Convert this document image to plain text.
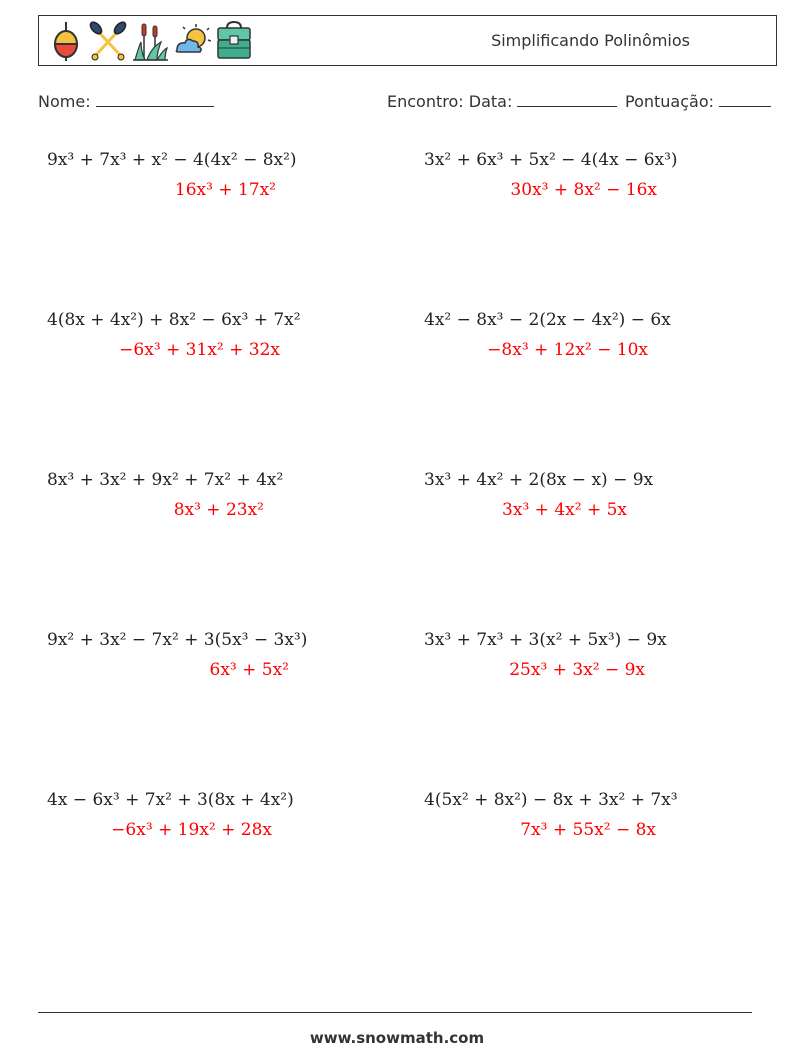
Simplificando Polinômios
Nome:	Encontro: Data:	Pontuação:
9x³ + 7x³ + x² − 4(4x² − 8x²)
16x³ + 17x²
3x² + 6x³ + 5x² − 4(4x − 6x³)
30x³ + 8x² − 16x
4(8x + 4x²) + 8x² − 6x³ + 7x²
−6x³ + 31x² + 32x
4x² − 8x³ − 2(2x − 4x²) − 6x
−8x³ + 12x² − 10x
8x³ + 3x² + 9x² + 7x² + 4x²
8x³ + 23x²
3x³ + 4x² + 2(8x − x) − 9x
3x³ + 4x² + 5x
9x² + 3x² − 7x² + 3(5x³ − 3x³)
6x³ + 5x²
3x³ + 7x³ + 3(x² + 5x³) − 9x
25x³ + 3x² − 9x
4x − 6x³ + 7x² + 3(8x + 4x²)
−6x³ + 19x² + 28x
4(5x² + 8x²) − 8x + 3x² + 7x³
7x³ + 55x² − 8x
www.snowmath.com
